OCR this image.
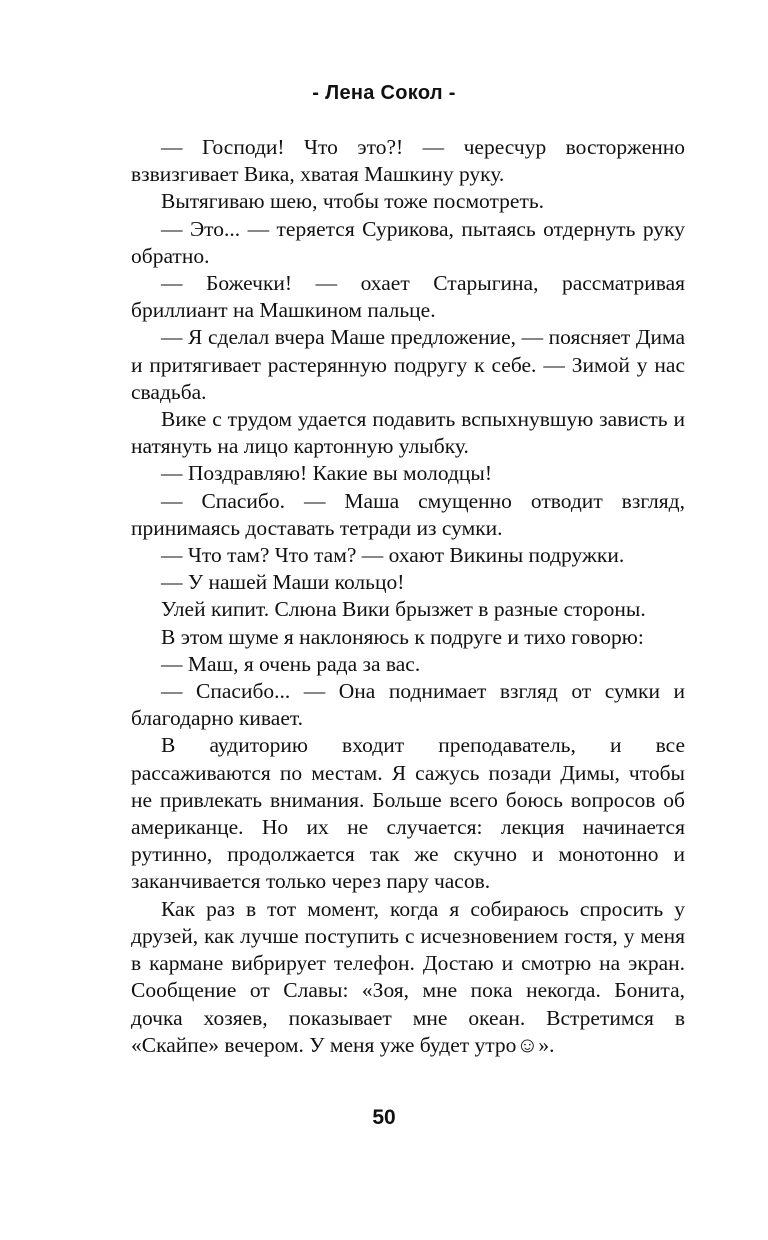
- Лена Сокол -

— Господи! Что это?! — чересчур восторженно взвизгивает Вика, хватая Машкину руку.

Вытягиваю шею, чтобы тоже посмотреть.

— Это... — теряется Сурикова, пытаясь отдернуть руку обратно.

— Божечки! — охает Старыгина, рассматривая бриллиант на Машкином пальце.

— Я сделал вчера Маше предложение, — поясняет Дима и притягивает растерянную подругу к себе. — Зимой у нас свадьба.

Вике с трудом удается подавить вспыхнувшую зависть и натянуть на лицо картонную улыбку.

— Поздравляю! Какие вы молодцы!

— Спасибо. — Маша смущенно отводит взгляд, принимаясь доставать тетради из сумки.

— Что там? Что там? — охают Викины подружки.

— У нашей Маши кольцо!

Улей кипит. Слюна Вики брызжет в разные стороны.

В этом шуме я наклоняюсь к подруге и тихо говорю:

— Маш, я очень рада за вас.

— Спасибо... — Она поднимает взгляд от сумки и благодарно кивает.

В аудиторию входит преподаватель, и все рассаживаются по местам. Я сажусь позади Димы, чтобы не привлекать внимания. Больше всего боюсь вопросов об американце. Но их не случается: лекция начинается рутинно, продолжается так же скучно и монотонно и заканчивается только через пару часов.

Как раз в тот момент, когда я собираюсь спросить у друзей, как лучше поступить с исчезновением гостя, у меня в кармане вибрирует телефон. Достаю и смотрю на экран. Сообщение от Славы: «Зоя, мне пока некогда. Бонита, дочка хозяев, показывает мне океан. Встретимся в «Скайпе» вечером. У меня уже будет утро☺».

50
